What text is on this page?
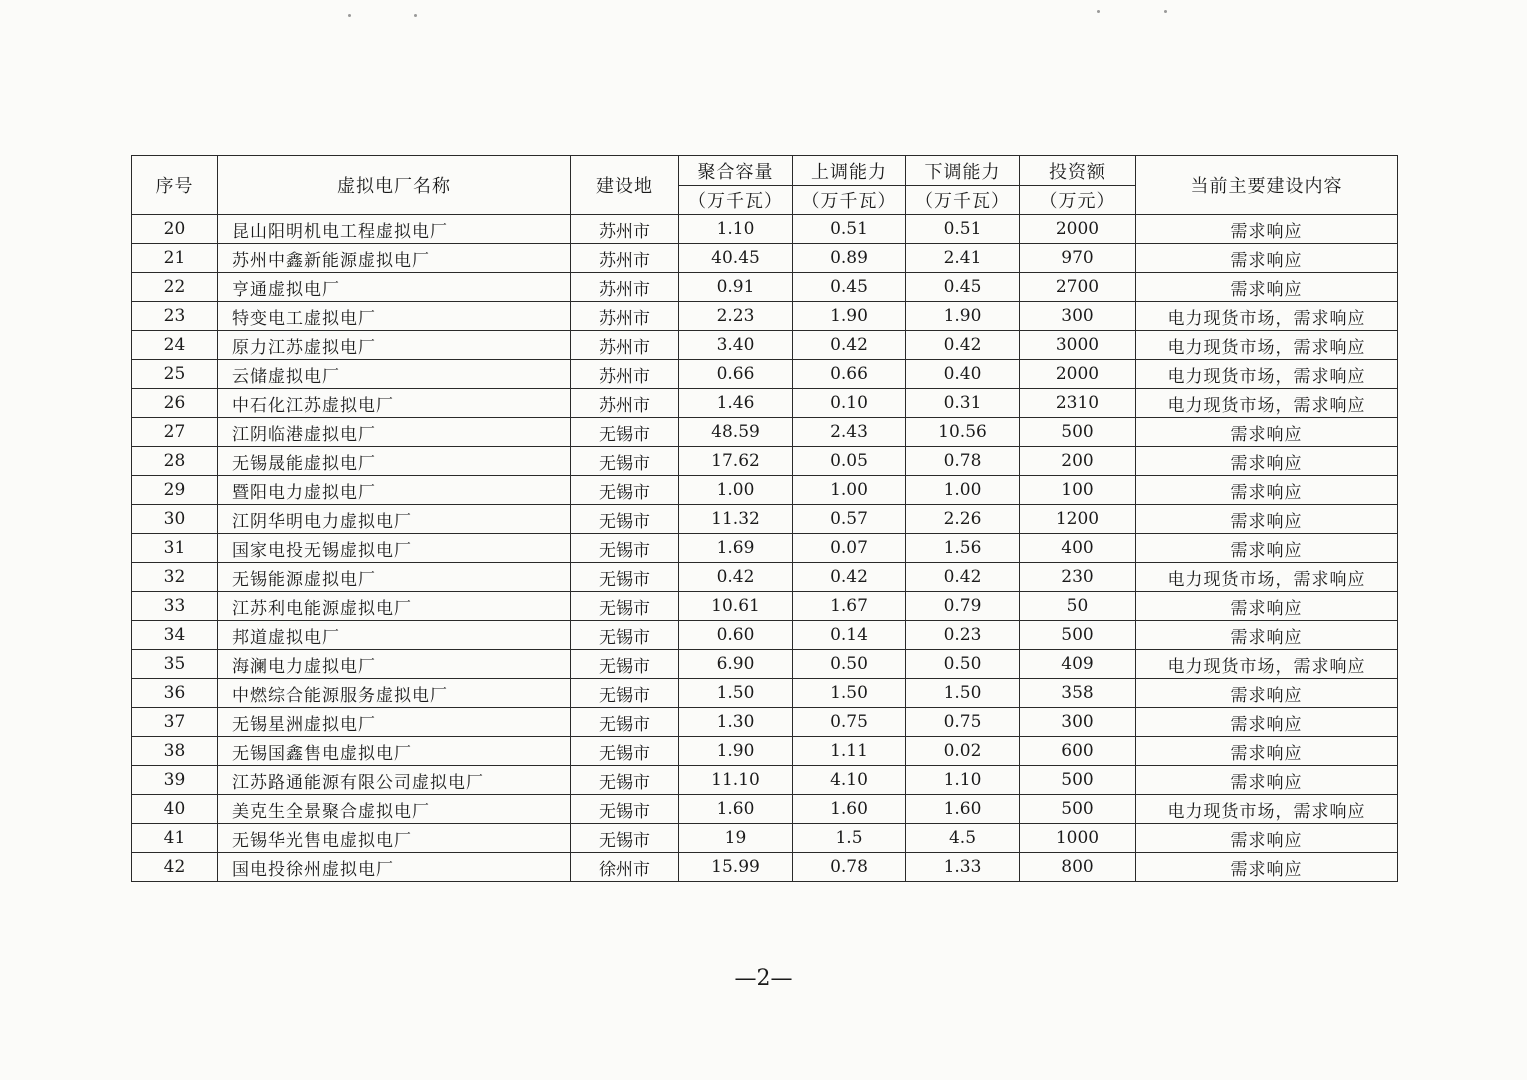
序号	虚拟电厂名称	建设地	聚合容量	上调能力	下调能力	投资额	当前主要建设内容
			（万千瓦）	（万千瓦）	（万千瓦）	（万元）	
20	昆山阳明机电工程虚拟电厂	苏州市	1.10	0.51	0.51	2000	需求响应
21	苏州中鑫新能源虚拟电厂	苏州市	40.45	0.89	2.41	970	需求响应
22	亨通虚拟电厂	苏州市	0.91	0.45	0.45	2700	需求响应
23	特变电工虚拟电厂	苏州市	2.23	1.90	1.90	300	电力现货市场，需求响应
24	原力江苏虚拟电厂	苏州市	3.40	0.42	0.42	3000	电力现货市场，需求响应
25	云储虚拟电厂	苏州市	0.66	0.66	0.40	2000	电力现货市场，需求响应
26	中石化江苏虚拟电厂	苏州市	1.46	0.10	0.31	2310	电力现货市场，需求响应
27	江阴临港虚拟电厂	无锡市	48.59	2.43	10.56	500	需求响应
28	无锡晟能虚拟电厂	无锡市	17.62	0.05	0.78	200	需求响应
29	暨阳电力虚拟电厂	无锡市	1.00	1.00	1.00	100	需求响应
30	江阴华明电力虚拟电厂	无锡市	11.32	0.57	2.26	1200	需求响应
31	国家电投无锡虚拟电厂	无锡市	1.69	0.07	1.56	400	需求响应
32	无锡能源虚拟电厂	无锡市	0.42	0.42	0.42	230	电力现货市场，需求响应
33	江苏利电能源虚拟电厂	无锡市	10.61	1.67	0.79	50	需求响应
34	邦道虚拟电厂	无锡市	0.60	0.14	0.23	500	需求响应
35	海澜电力虚拟电厂	无锡市	6.90	0.50	0.50	409	电力现货市场，需求响应
36	中燃综合能源服务虚拟电厂	无锡市	1.50	1.50	1.50	358	需求响应
37	无锡星洲虚拟电厂	无锡市	1.30	0.75	0.75	300	需求响应
38	无锡国鑫售电虚拟电厂	无锡市	1.90	1.11	0.02	600	需求响应
39	江苏路通能源有限公司虚拟电厂	无锡市	11.10	4.10	1.10	500	需求响应
40	美克生全景聚合虚拟电厂	无锡市	1.60	1.60	1.60	500	电力现货市场，需求响应
41	无锡华光售电虚拟电厂	无锡市	19	1.5	4.5	1000	需求响应
42	国电投徐州虚拟电厂	徐州市	15.99	0.78	1.33	800	需求响应
—2—
